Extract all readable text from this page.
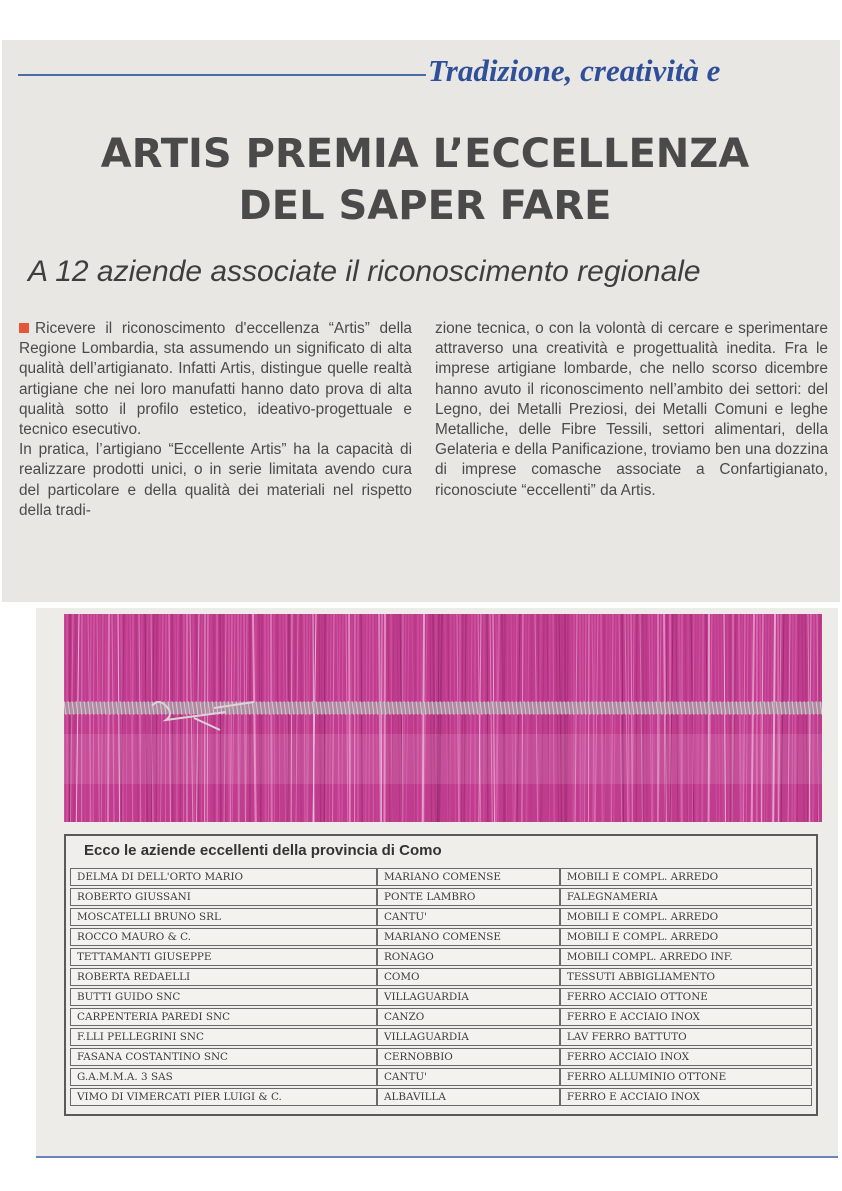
Tradizione, creatività e
ARTIS PREMIA L’ECCELLENZA
DEL SAPER FARE
A 12 aziende associate il riconoscimento regionale

Ricevere il riconoscimento d'eccellenza “Artis” della Regione Lombardia, sta assumendo un significato di alta qualità dell’artigianato. Infatti Artis, distingue quelle realtà artigiane che nei loro manufatti hanno dato prova di alta qualità sotto il profilo estetico, ideativo-progettuale e tecnico esecutivo.

In pratica, l’artigiano “Eccellente Artis” ha la capacità di realizzare prodotti unici, o in serie limitata avendo cura del particolare e della qualità dei materiali nel rispetto della tradi-

zione tecnica, o con la volontà di cercare e sperimentare attraverso una creatività e progettualità inedita. Fra le imprese artigiane lombarde, che nello scorso dicembre hanno avuto il riconoscimento nell’ambito dei settori: del Legno, dei Metalli Preziosi, dei Metalli Comuni e leghe Metalliche, delle Fibre Tessili, settori alimentari, della Gelateria e della Panificazione, troviamo ben una dozzina di imprese comasche associate a Confartigianato, riconosciute “eccellenti” da Artis.

Ecco le aziende eccellenti della provincia di Como
DELMA DI DELL'ORTO MARIO	MARIANO COMENSE	MOBILI E COMPL. ARREDO
ROBERTO GIUSSANI	PONTE LAMBRO	FALEGNAMERIA
MOSCATELLI BRUNO SRL	CANTU'	MOBILI E COMPL. ARREDO
ROCCO MAURO & C.	MARIANO COMENSE	MOBILI E COMPL. ARREDO
TETTAMANTI GIUSEPPE	RONAGO	MOBILI COMPL. ARREDO INF.
ROBERTA REDAELLI	COMO	TESSUTI ABBIGLIAMENTO
BUTTI GUIDO SNC	VILLAGUARDIA	FERRO ACCIAIO OTTONE
CARPENTERIA PAREDI SNC	CANZO	FERRO E ACCIAIO INOX
F.LLI PELLEGRINI SNC	VILLAGUARDIA	LAV FERRO BATTUTO
FASANA COSTANTINO SNC	CERNOBBIO	FERRO ACCIAIO INOX
G.A.M.M.A. 3 SAS	CANTU'	FERRO ALLUMINIO OTTONE
VIMO DI VIMERCATI PIER LUIGI & C.	ALBAVILLA	FERRO E ACCIAIO INOX
